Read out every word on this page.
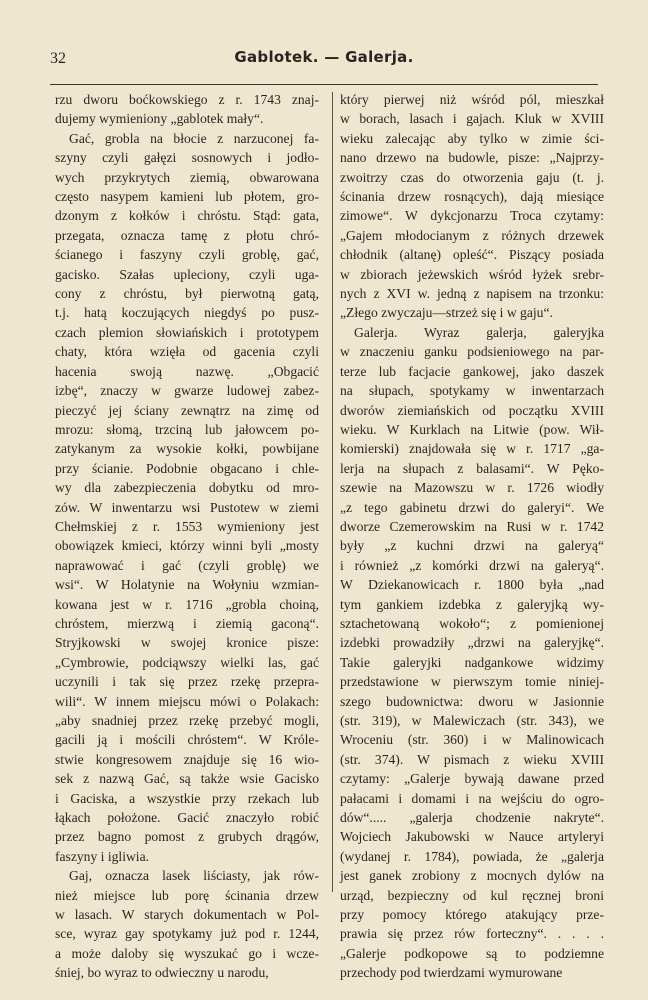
32	Gablotek. — Galerja.
rzu dworu boćkowskiego z r. 1743 znaj-
dujemy wymieniony „gablotek mały“.
Gać, grobla na błocie z narzuconej fa-
szyny czyli gałęzi sosnowych i jodło-
wych przykrytych ziemią, obwarowana
często nasypem kamieni lub płotem, gro-
dzonym z kołków i chróstu. Stąd: gata,
przegata, oznacza tamę z płotu chró-
ścianego i faszyny czyli groblę, gać,
gacisko. Szałas upleciony, czyli uga-
cony z chróstu, był pierwotną gatą,
t.j. hatą koczujących niegdyś po pusz-
czach plemion słowiańskich i prototypem
chaty, która wzięła od gacenia czyli
hacenia swoją nazwę. „Obgacić
izbę“, znaczy w gwarze ludowej zabez-
pieczyć jej ściany zewnątrz na zimę od
mrozu: słomą, trzciną lub jałowcem po-
zatykanym za wysokie kołki, powbijane
przy ścianie. Podobnie obgacano i chle-
wy dla zabezpieczenia dobytku od mro-
zów. W inwentarzu wsi Pustotew w ziemi
Chełmskiej z r. 1553 wymieniony jest
obowiązek kmieci, którzy winni byli „mosty
naprawować i gać (czyli groblę) we
wsi“. W Holatynie na Wołyniu wzmian-
kowana jest w r. 1716 „grobla choiną,
chróstem, mierzwą i ziemią gaconą“.
Stryjkowski w swojej kronice pisze:
„Cymbrowie, podciąwszy wielki las, gać
uczynili i tak się przez rzekę przepra-
wili“. W innem miejscu mówi o Polakach:
„aby snadniej przez rzekę przebyć mogli,
gacili ją i mościli chróstem“. W Króle-
stwie kongresowem znajduje się 16 wio-
sek z nazwą Gać, są także wsie Gacisko
i Gaciska, a wszystkie przy rzekach lub
łąkach położone. Gacić znaczyło robić
przez bagno pomost z grubych drągów,
faszyny i igliwia.
Gaj, oznacza lasek liściasty, jak rów-
nież miejsce lub porę ścinania drzew
w lasach. W starych dokumentach w Pol-
sce, wyraz gay spotykamy już pod r. 1244,
a może daloby się wyszukać go i wcze-
śniej, bo wyraz to odwieczny u narodu,
który pierwej niż wśród pól, mieszkał
w borach, lasach i gajach. Kluk w XVIII
wieku zalecając aby tylko w zimie ści-
nano drzewo na budowle, pisze: „Najprzy-
zwoitrzy czas do otworzenia gaju (t. j.
ścinania drzew rosnących), dają miesiące
zimowe“. W dykcjonarzu Troca czytamy:
„Gajem młodocianym z różnych drzewek
chłodnik (altanę) opleść“. Piszący posiada
w zbiorach jeżewskich wśród łyżek srebr-
nych z XVI w. jedną z napisem na trzonku:
„Złego zwyczaju—strzeż się i w gaju“.
Galerja. Wyraz galerja, galeryjka
w znaczeniu ganku podsieniowego na par-
terze lub facjacie gankowej, jako daszek
na słupach, spotykamy w inwentarzach
dworów ziemiańskich od początku XVIII
wieku. W Kurklach na Litwie (pow. Wił-
komierski) znajdowała się w r. 1717 „ga-
lerja na słupach z balasami“. W Pęko-
szewie na Mazowszu w r. 1726 wiodły
„z tego gabinetu drzwi do galeryi“. We
dworze Czemerowskim na Rusi w r. 1742
były „z kuchni drzwi na galeryą“
i również „z komórki drzwi na galeryą“.
W Dziekanowicach r. 1800 była „nad
tym gankiem izdebka z galeryjką wy-
sztachetowaną wokoło“; z pomienionej
izdebki prowadziły „drzwi na galeryjkę“.
Takie galeryjki nadgankowe widzimy
przedstawione w pierwszym tomie niniej-
szego budownictwa: dworu w Jasionnie
(str. 319), w Malewiczach (str. 343), we
Wroceniu (str. 360) i w Malinowicach
(str. 374). W pismach z wieku XVIII
czytamy: „Galerje bywają dawane przed
pałacami i domami i na wejściu do ogro-
dów“..... „galerja chodzenie nakryte“.
Wojciech Jakubowski w Nauce artyleryi
(wydanej r. 1784), powiada, że „galerja
jest ganek zrobiony z mocnych dylów na
urząd, bezpieczny od kul ręcznej broni
przy pomocy którego atakujący prze-
prawia się przez rów forteczny“. . . . .
„Galerje podkopowe są to podziemne
przechody pod twierdzami wymurowane
